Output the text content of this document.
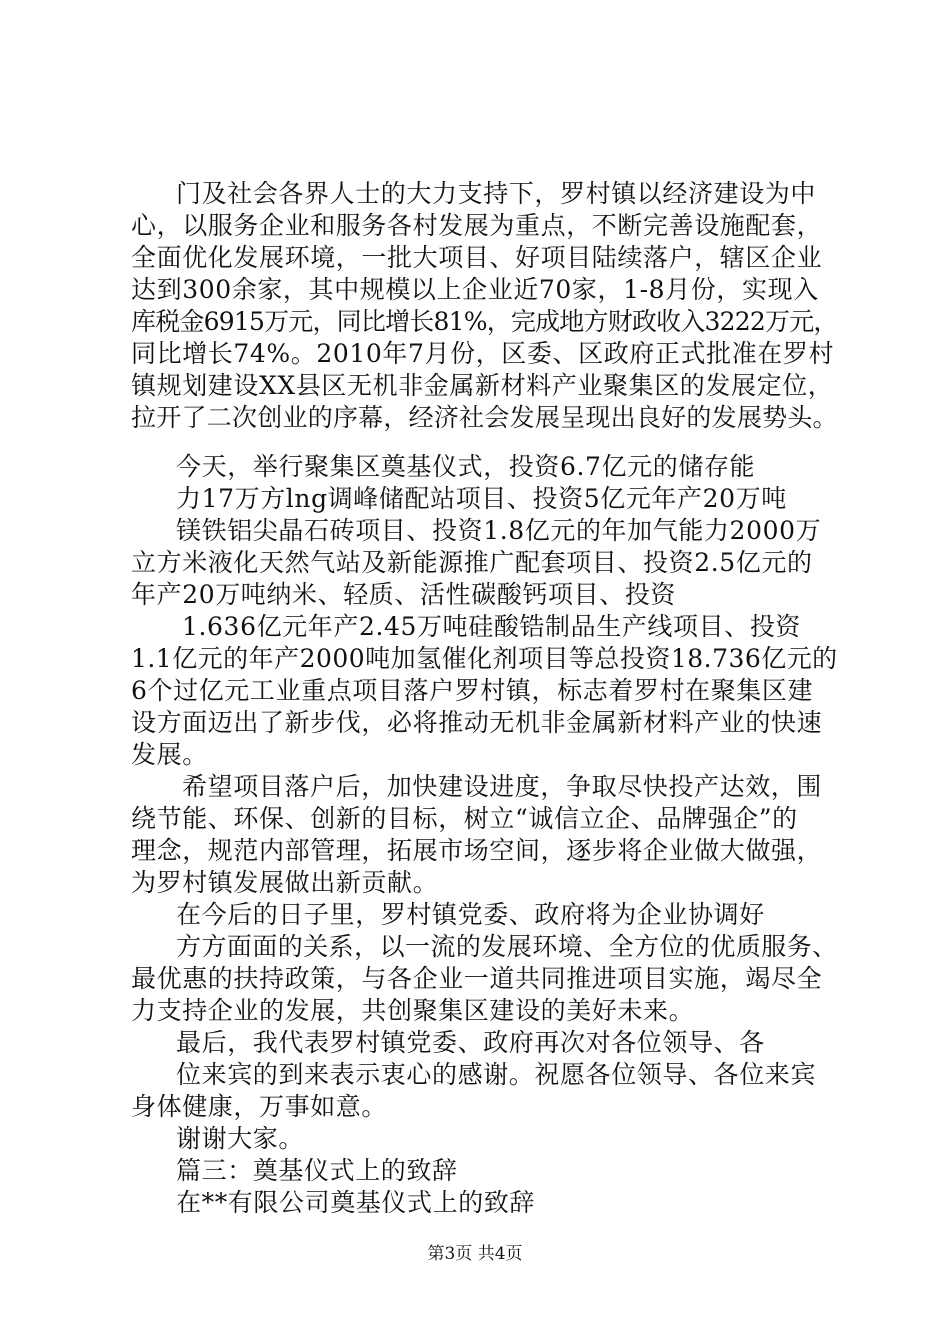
门及社会各界人士的大力支持下，罗村镇以经济建设为中
心，以服务企业和服务各村发展为重点，不断完善设施配套，
全面优化发展环境，一批大项目、好项目陆续落户，辖区企业
达到300余家，其中规模以上企业近70家，1-8月份，实现入
库税金6915万元，同比增长81%，完成地方财政收入3222万元，
同比增长74%。2010年7月份，区委、区政府正式批准在罗村
镇规划建设XX县区无机非金属新材料产业聚集区的发展定位，
拉开了二次创业的序幕，经济社会发展呈现出良好的发展势头。
今天，举行聚集区奠基仪式，投资6.7亿元的储存能
力17万方lng调峰储配站项目、投资5亿元年产20万吨
镁铁铝尖晶石砖项目、投资1.8亿元的年加气能力2000万
立方米液化天然气站及新能源推广配套项目、投资2.5亿元的
年产20万吨纳米、轻质、活性碳酸钙项目、投资
1.636亿元年产2.45万吨硅酸锆制品生产线项目、投资
1.1亿元的年产2000吨加氢催化剂项目等总投资18.736亿元的
6个过亿元工业重点项目落户罗村镇，标志着罗村在聚集区建
设方面迈出了新步伐，必将推动无机非金属新材料产业的快速
发展。
希望项目落户后，加快建设进度，争取尽快投产达效，围
绕节能、环保、创新的目标，树立“诚信立企、品牌强企”的
理念，规范内部管理，拓展市场空间，逐步将企业做大做强，
为罗村镇发展做出新贡献。
在今后的日子里，罗村镇党委、政府将为企业协调好
方方面面的关系，以一流的发展环境、全方位的优质服务、
最优惠的扶持政策，与各企业一道共同推进项目实施，竭尽全
力支持企业的发展，共创聚集区建设的美好未来。
最后，我代表罗村镇党委、政府再次对各位领导、各
位来宾的到来表示衷心的感谢。祝愿各位领导、各位来宾
身体健康，万事如意。
谢谢大家。
篇三：奠基仪式上的致辞
在**有限公司奠基仪式上的致辞
第3页 共4页
